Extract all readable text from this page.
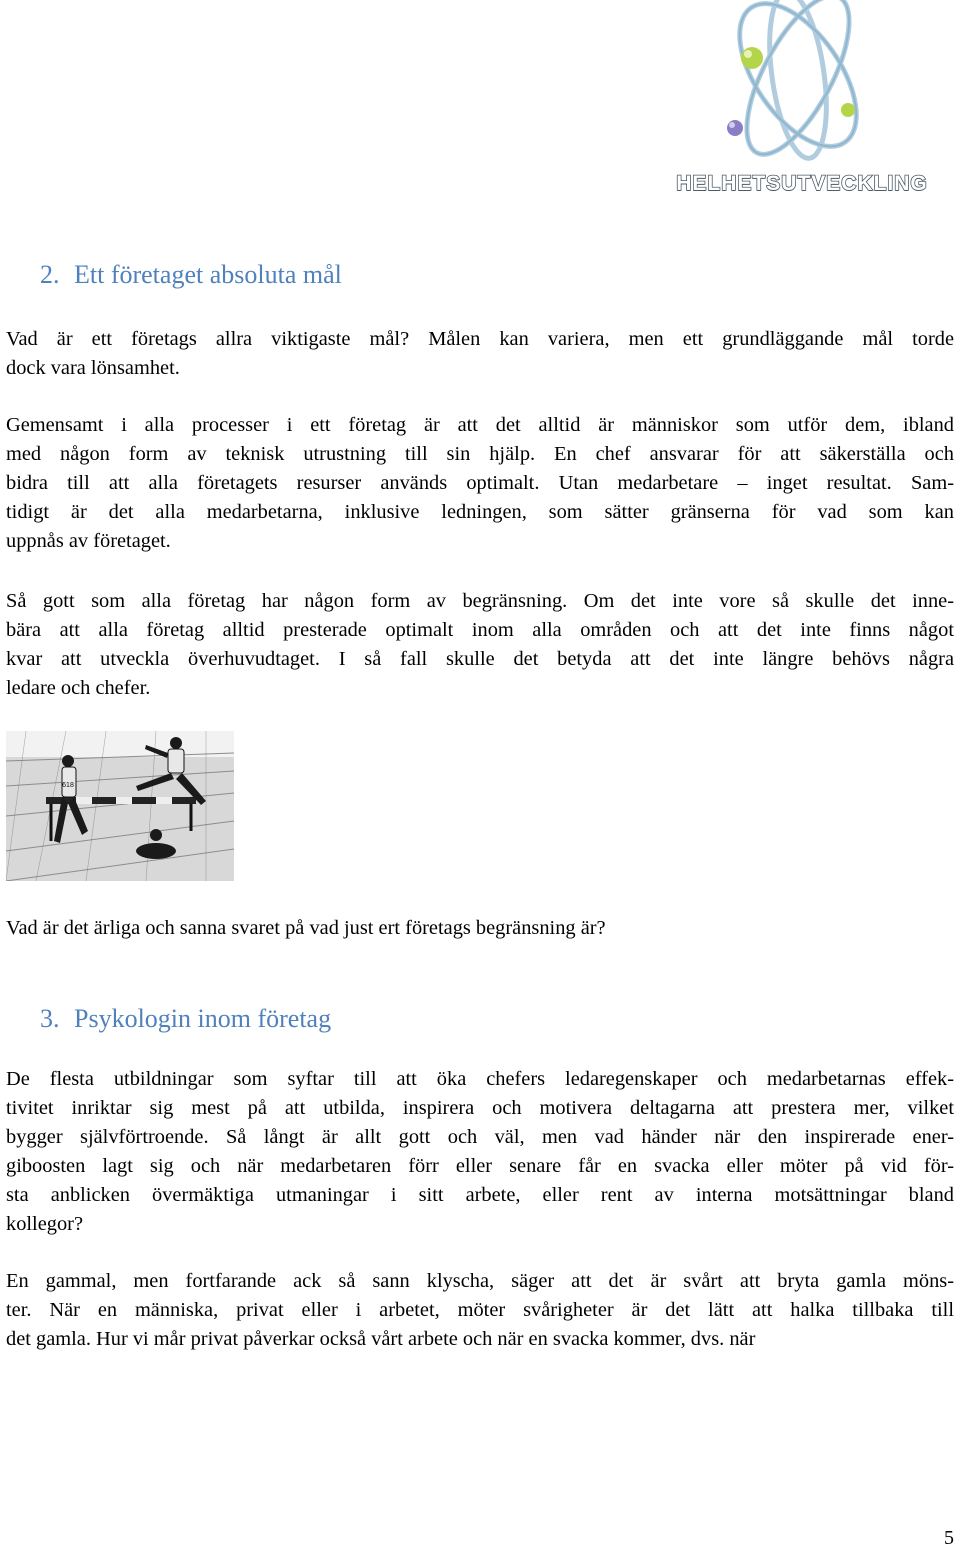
HELHETSUTVECKLING
2. Ett företaget absoluta mål
Vad är ett företags allra viktigaste mål? Målen kan variera, men ett grundläggande mål torde
dock vara lönsamhet.
Gemensamt i alla processer i ett företag är att det alltid är människor som utför dem, ibland
med någon form av teknisk utrustning till sin hjälp. En chef ansvarar för att säkerställa och
bidra till att alla företagets resurser används optimalt. Utan medarbetare – inget resultat. Sam-
tidigt är det alla medarbetarna, inklusive ledningen, som sätter gränserna för vad som kan
uppnås av företaget.
Så gott som alla företag har någon form av begränsning. Om det inte vore så skulle det inne-
bära att alla företag alltid presterade optimalt inom alla områden och att det inte finns något
kvar att utveckla överhuvudtaget. I så fall skulle det betyda att det inte längre behövs några
ledare och chefer.
618
Vad är det ärliga och sanna svaret på vad just ert företags begränsning är?
3. Psykologin inom företag
De flesta utbildningar som syftar till att öka chefers ledaregenskaper och medarbetarnas effek-
tivitet inriktar sig mest på att utbilda, inspirera och motivera deltagarna att prestera mer, vilket
bygger självförtroende. Så långt är allt gott och väl, men vad händer när den inspirerade ener-
giboosten lagt sig och när medarbetaren förr eller senare får en svacka eller möter på vid för-
sta anblicken övermäktiga utmaningar i sitt arbete, eller rent av interna motsättningar bland
kollegor?
En gammal, men fortfarande ack så sann klyscha, säger att det är svårt att bryta gamla möns-
ter. När en människa, privat eller i arbetet, möter svårigheter är det lätt att halka tillbaka till
det gamla. Hur vi mår privat påverkar också vårt arbete och när en svacka kommer, dvs. när
5
